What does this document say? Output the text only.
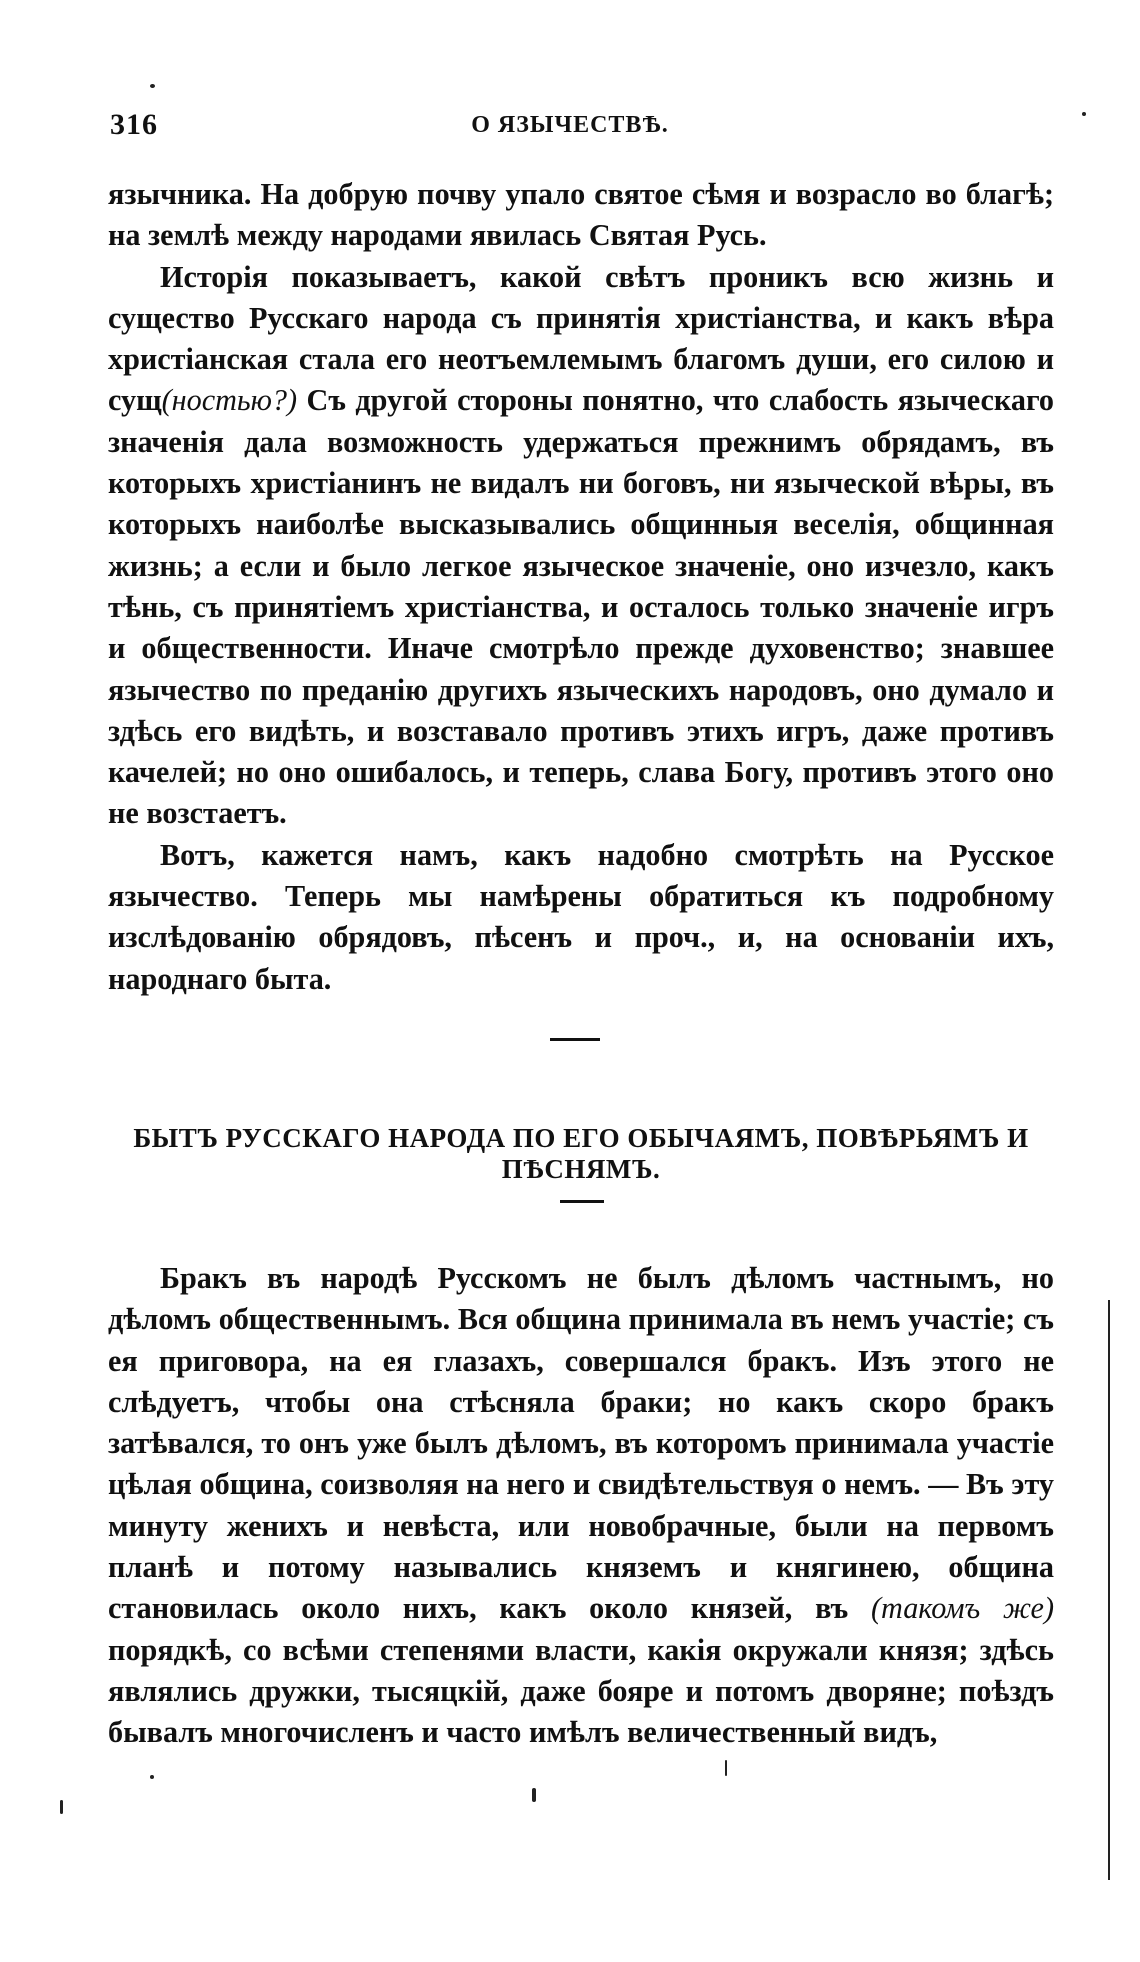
316	О ЯЗЫЧЕСТВѢ.

язычника. На добрую почву упало святое сѣмя и возрасло во благѣ; на землѣ между народами явилась Святая Русь.

Исторія показываетъ, какой свѣтъ проникъ всю жизнь и существо Русскаго народа съ принятія христіанства, и какъ вѣра христіанская стала его неотъемлемымъ благомъ души, его силою и сущ(ностью?) Съ другой стороны понятно, что слабость языческаго значенія дала возможность удержаться прежнимъ обрядамъ, въ которыхъ христіанинъ не видалъ ни боговъ, ни языческой вѣры, въ которыхъ наиболѣе высказывались общинныя веселія, общинная жизнь; а если и было легкое языческое значеніе, оно изчезло, какъ тѣнь, съ принятіемъ христіанства, и осталось только значеніе игръ и общественности. Иначе смотрѣло прежде духовенство; знавшее язычество по преданію другихъ языческихъ народовъ, оно думало и здѣсь его видѣть, и возставало противъ этихъ игръ, даже противъ качелей; но оно ошибалось, и теперь, слава Богу, противъ этого оно не возстаетъ.

Вотъ, кажется намъ, какъ надобно смотрѣть на Русское язычество. Теперь мы намѣрены обратиться къ подробному изслѣдованію обрядовъ, пѣсенъ и проч., и, на основаніи ихъ, народнаго быта.

БЫТЪ РУССКАГО НАРОДА ПО ЕГО ОБЫЧАЯМЪ, ПОВѢРЬЯМЪ И ПѢСНЯМЪ.

Бракъ въ народѣ Русскомъ не былъ дѣломъ частнымъ, но дѣломъ общественнымъ. Вся община принимала въ немъ участіе; съ ея приговора, на ея глазахъ, совершался бракъ. Изъ этого не слѣдуетъ, чтобы она стѣсняла браки; но какъ скоро бракъ затѣвался, то онъ уже былъ дѣломъ, въ которомъ принимала участіе цѣлая община, соизволяя на него и свидѣтельствуя о немъ. — Въ эту минуту женихъ и невѣста, или новобрачные, были на первомъ планѣ и потому назывались княземъ и княгинею, община становилась около нихъ, какъ около князей, въ (такомъ же) порядкѣ, со всѣми степенями власти, какія окружали князя; здѣсь являлись дружки, тысяцкій, даже бояре и потомъ дворяне; поѣздъ бывалъ многочисленъ и часто имѣлъ величественный видъ,
